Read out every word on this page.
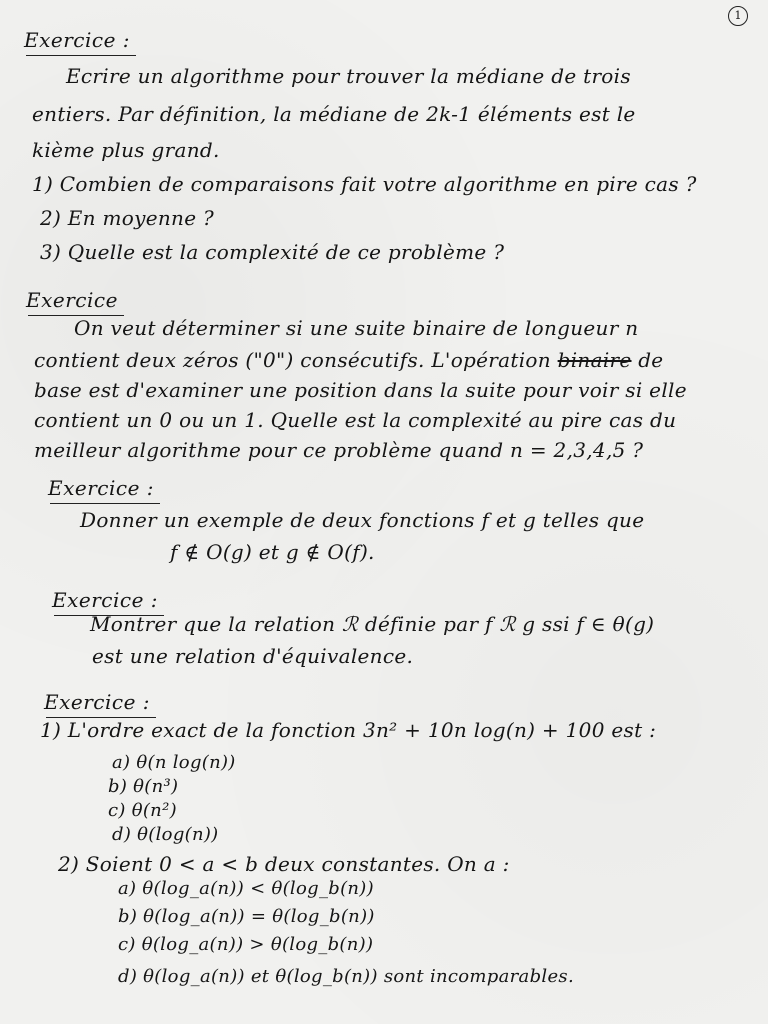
1
Exercice :
Ecrire un algorithme pour trouver la médiane de trois
entiers. Par définition, la médiane de 2k-1 éléments est le
kième plus grand.
1) Combien de comparaisons fait votre algorithme en pire cas ?
2) En moyenne ?
3) Quelle est la complexité de ce problème ?
Exercice
On veut déterminer si une suite binaire de longueur n
contient deux zéros ("0") consécutifs. L'opération binaire de
base est d'examiner une position dans la suite pour voir si elle
contient un 0 ou un 1. Quelle est la complexité au pire cas du
meilleur algorithme pour ce problème quand n = 2,3,4,5 ?
Exercice :
Donner un exemple de deux fonctions f et g telles que
f ∉ O(g) et g ∉ O(f).
Exercice :
Montrer que la relation ℛ définie par f ℛ g ssi f ∈ θ(g)
est une relation d'équivalence.
Exercice :
1) L'ordre exact de la fonction 3n² + 10n log(n) + 100 est :
a) θ(n log(n))
b) θ(n³)
c) θ(n²)
d) θ(log(n))
2) Soient 0 < a < b deux constantes. On a :
a) θ(log_a(n)) < θ(log_b(n))
b) θ(log_a(n)) = θ(log_b(n))
c) θ(log_a(n)) > θ(log_b(n))
d) θ(log_a(n)) et θ(log_b(n)) sont incomparables.
